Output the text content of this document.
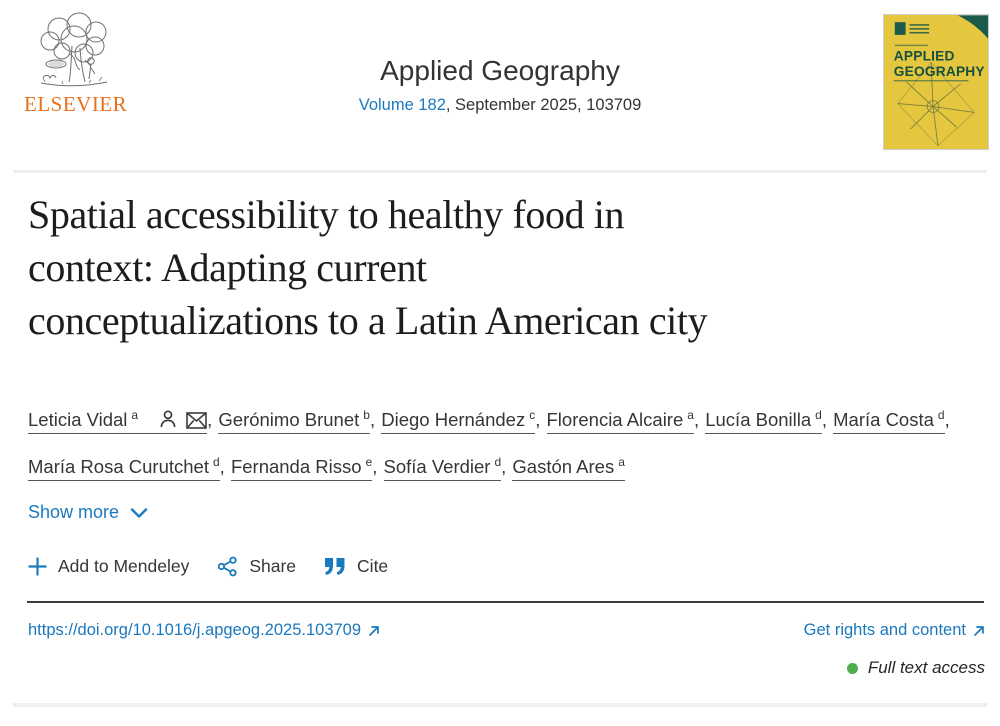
ELSEVIER
Applied Geography
Volume 182, September 2025, 103709
APPLIED
GEOGRAPHY
Spatial accessibility to healthy food in
context: Adapting current
conceptualizations to a Latin American city
Leticia Vidal $^a$	, Gerónimo Brunet $^b$, Diego Hernández $^c$, Florencia Alcaire $^a$, Lucía Bonilla $^d$, María Costa $^d$, María Rosa Curutchet $^d$, Fernanda Risso $^e$, Sofía Verdier $^d$, Gastón Ares $^a$
Show more
Add to Mendeley	Share	Cite
https://doi.org/10.1016/j.apgeog.2025.103709	Get rights and content
Full text access
